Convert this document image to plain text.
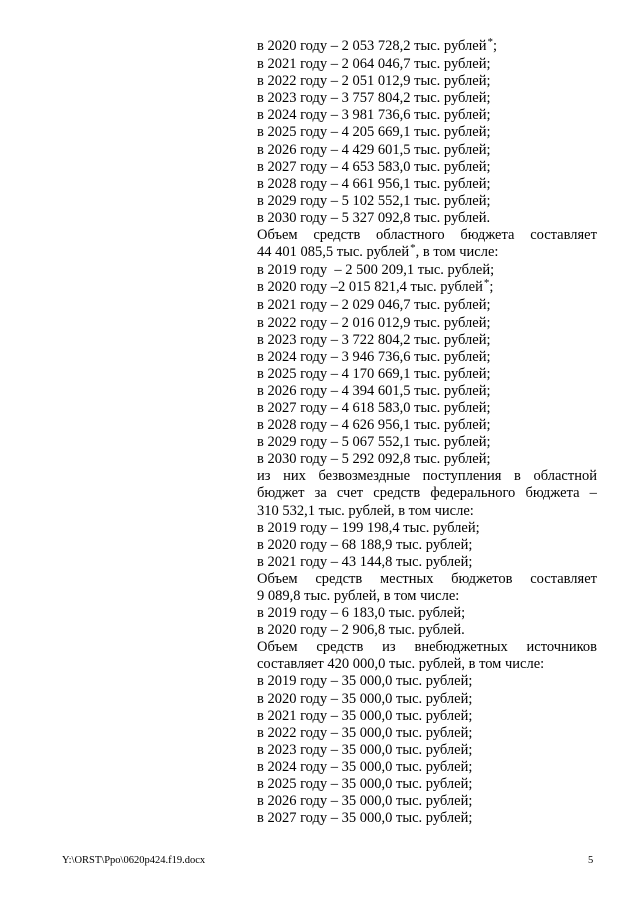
в 2020 году – 2 053 728,2 тыс. рублей * ;
в 2021 году – 2 064 046,7 тыс. рублей;
в 2022 году – 2 051 012,9 тыс. рублей;
в 2023 году – 3 757 804,2 тыс. рублей;
в 2024 году – 3 981 736,6 тыс. рублей;
в 2025 году – 4 205 669,1 тыс. рублей;
в 2026 году – 4 429 601,5 тыс. рублей;
в 2027 году – 4 653 583,0 тыс. рублей;
в 2028 году – 4 661 956,1 тыс. рублей;
в 2029 году – 5 102 552,1 тыс. рублей;
в 2030 году – 5 327 092,8 тыс. рублей.
Объем средств областного бюджета составляет
44 401 085,5 тыс. рублей * , в том числе:
в 2019 году  – 2 500 209,1 тыс. рублей;
в 2020 году –2 015 821,4 тыс. рублей * ;
в 2021 году – 2 029 046,7 тыс. рублей;
в 2022 году – 2 016 012,9 тыс. рублей;
в 2023 году – 3 722 804,2 тыс. рублей;
в 2024 году – 3 946 736,6 тыс. рублей;
в 2025 году – 4 170 669,1 тыс. рублей;
в 2026 году – 4 394 601,5 тыс. рублей;
в 2027 году – 4 618 583,0 тыс. рублей;
в 2028 году – 4 626 956,1 тыс. рублей;
в 2029 году – 5 067 552,1 тыс. рублей;
в 2030 году – 5 292 092,8 тыс. рублей;
из них безвозмездные поступления в областной
бюджет за счет средств федерального бюджета –
310 532,1 тыс. рублей, в том числе:
в 2019 году – 199 198,4 тыс. рублей;
в 2020 году – 68 188,9 тыс. рублей;
в 2021 году – 43 144,8 тыс. рублей;
Объем средств местных бюджетов составляет
9 089,8 тыс. рублей, в том числе:
в 2019 году – 6 183,0 тыс. рублей;
в 2020 году – 2 906,8 тыс. рублей.
Объем средств из внебюджетных источников
составляет 420 000,0 тыс. рублей, в том числе:
в 2019 году – 35 000,0 тыс. рублей;
в 2020 году – 35 000,0 тыс. рублей;
в 2021 году – 35 000,0 тыс. рублей;
в 2022 году – 35 000,0 тыс. рублей;
в 2023 году – 35 000,0 тыс. рублей;
в 2024 году – 35 000,0 тыс. рублей;
в 2025 году – 35 000,0 тыс. рублей;
в 2026 году – 35 000,0 тыс. рублей;
в 2027 году – 35 000,0 тыс. рублей;
Y:\ORST\Ppo\0620p424.f19.docx	5
